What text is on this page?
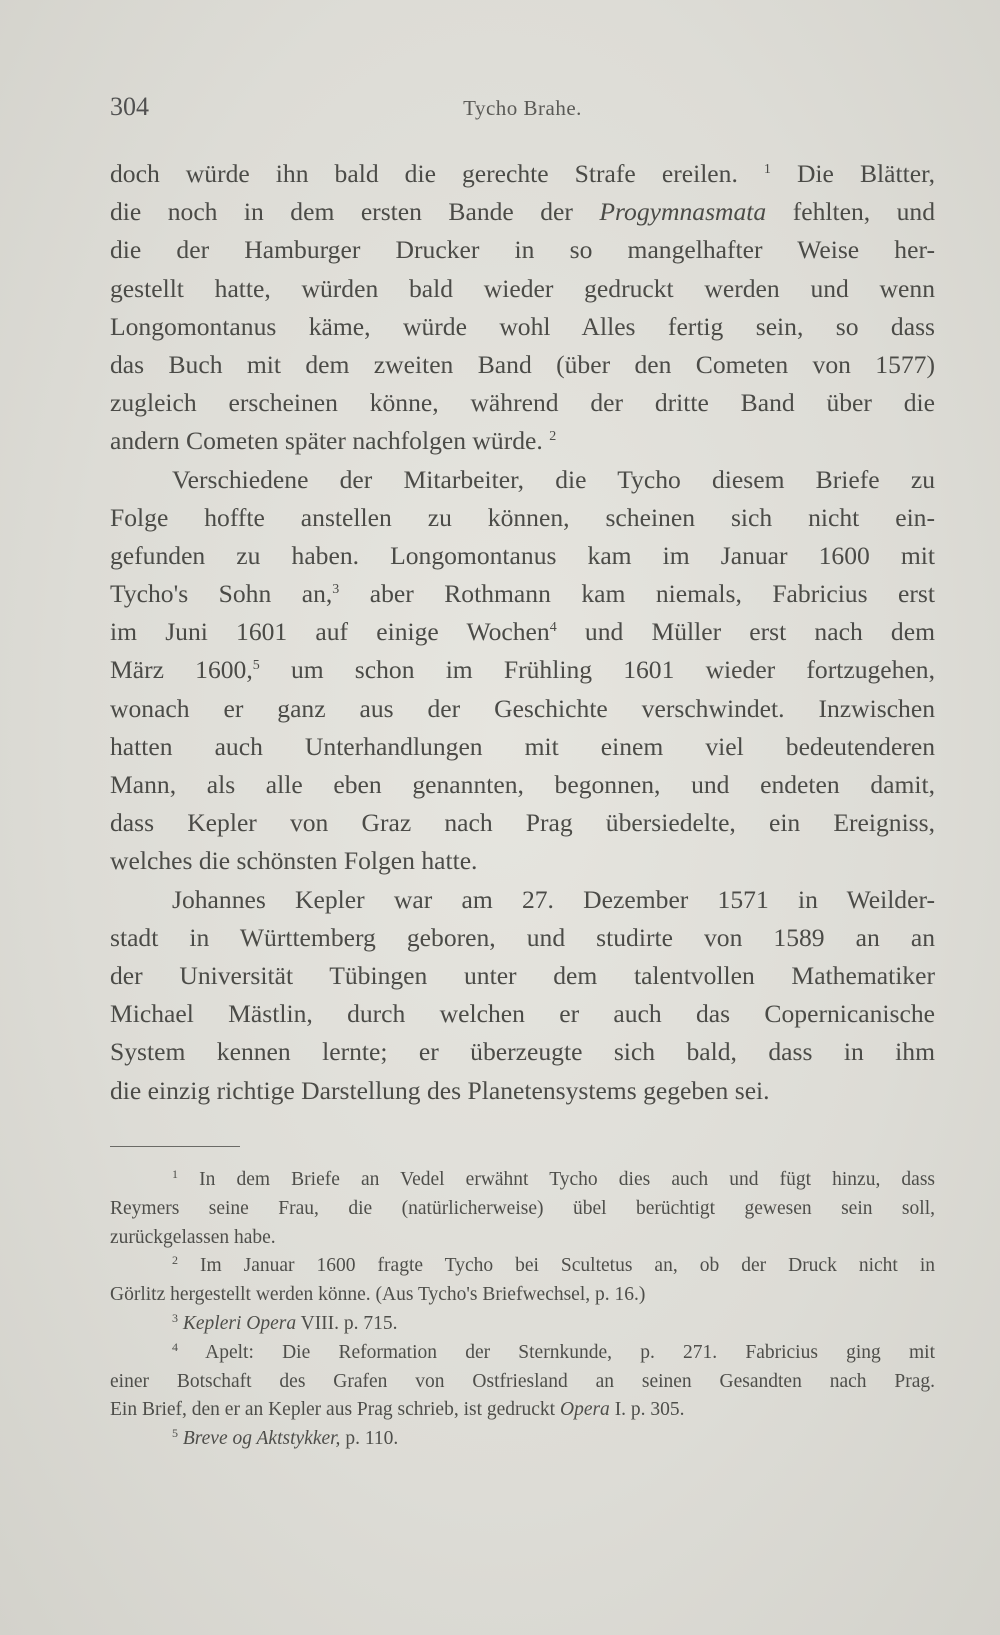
304	Tycho Brahe.
doch würde ihn bald die gerechte Strafe ereilen. $^1$ Die Blätter,
die noch in dem ersten Bande der Progymnasmata fehlten, und
die der Hamburger Drucker in so mangelhafter Weise her-
gestellt hatte, würden bald wieder gedruckt werden und wenn
Longomontanus käme, würde wohl Alles fertig sein, so dass
das Buch mit dem zweiten Band (über den Cometen von 1577)
zugleich erscheinen könne, während der dritte Band über die
andern Cometen später nachfolgen würde. $^2$
Verschiedene der Mitarbeiter, die Tycho diesem Briefe zu
Folge hoffte anstellen zu können, scheinen sich nicht ein-
gefunden zu haben. Longomontanus kam im Januar 1600 mit
Tycho's Sohn an,$^3$ aber Rothmann kam niemals, Fabricius erst
im Juni 1601 auf einige Wochen$^4$ und Müller erst nach dem
März 1600,$^5$ um schon im Frühling 1601 wieder fortzugehen,
wonach er ganz aus der Geschichte verschwindet. Inzwischen
hatten auch Unterhandlungen mit einem viel bedeutenderen
Mann, als alle eben genannten, begonnen, und endeten damit,
dass Kepler von Graz nach Prag übersiedelte, ein Ereigniss,
welches die schönsten Folgen hatte.
Johannes Kepler war am 27. Dezember 1571 in Weilder-
stadt in Württemberg geboren, und studirte von 1589 an an
der Universität Tübingen unter dem talentvollen Mathematiker
Michael Mästlin, durch welchen er auch das Copernicanische
System kennen lernte; er überzeugte sich bald, dass in ihm
die einzig richtige Darstellung des Planetensystems gegeben sei.
$^1$ In dem Briefe an Vedel erwähnt Tycho dies auch und fügt hinzu, dass
Reymers seine Frau, die (natürlicherweise) übel berüchtigt gewesen sein soll,
zurückgelassen habe.
$^2$ Im Januar 1600 fragte Tycho bei Scultetus an, ob der Druck nicht in
Görlitz hergestellt werden könne. (Aus Tycho's Briefwechsel, p. 16.)
$^3$ Kepleri Opera VIII. p. 715.
$^4$ Apelt: Die Reformation der Sternkunde, p. 271. Fabricius ging mit
einer Botschaft des Grafen von Ostfriesland an seinen Gesandten nach Prag.
Ein Brief, den er an Kepler aus Prag schrieb, ist gedruckt Opera I. p. 305.
$^5$ Breve og Aktstykker, p. 110.
